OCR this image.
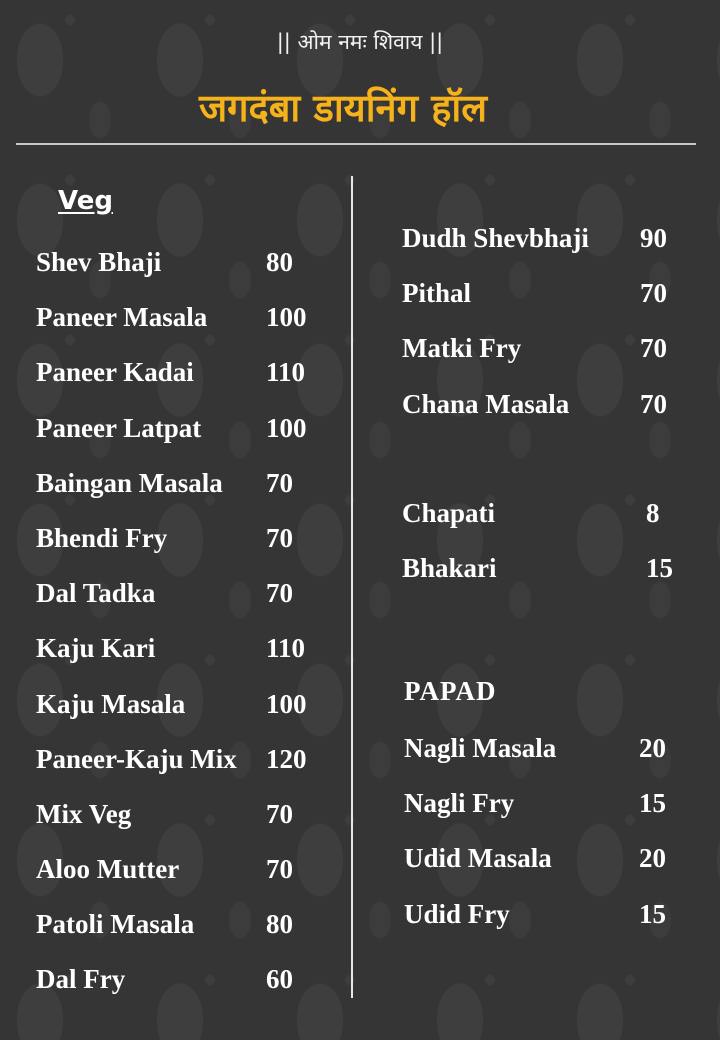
|| ओम नमः शिवाय ||

जगदंबा डायनिंग हॉल
Veg
Shev Bhaji	80
Paneer Masala 100
Paneer Kadai	110
Paneer Latpat 100
Baingan Masala 70
Bhendi Fry	70
Dal Tadka	70
Kaju Kari	110
Kaju Masala	100
Paneer-Kaju Mix 120
Mix Veg	70
Aloo Mutter	70
Patoli Masala	80
Dal Fry	60
Dudh Shevbhaji 90
Pithal	70
Matki Fry	70
Chana Masala	70
Chapati	8
Bhakari	15
PAPAD
Nagli Masala	20
Nagli Fry	15
Udid Masala	20
Udid Fry	15
